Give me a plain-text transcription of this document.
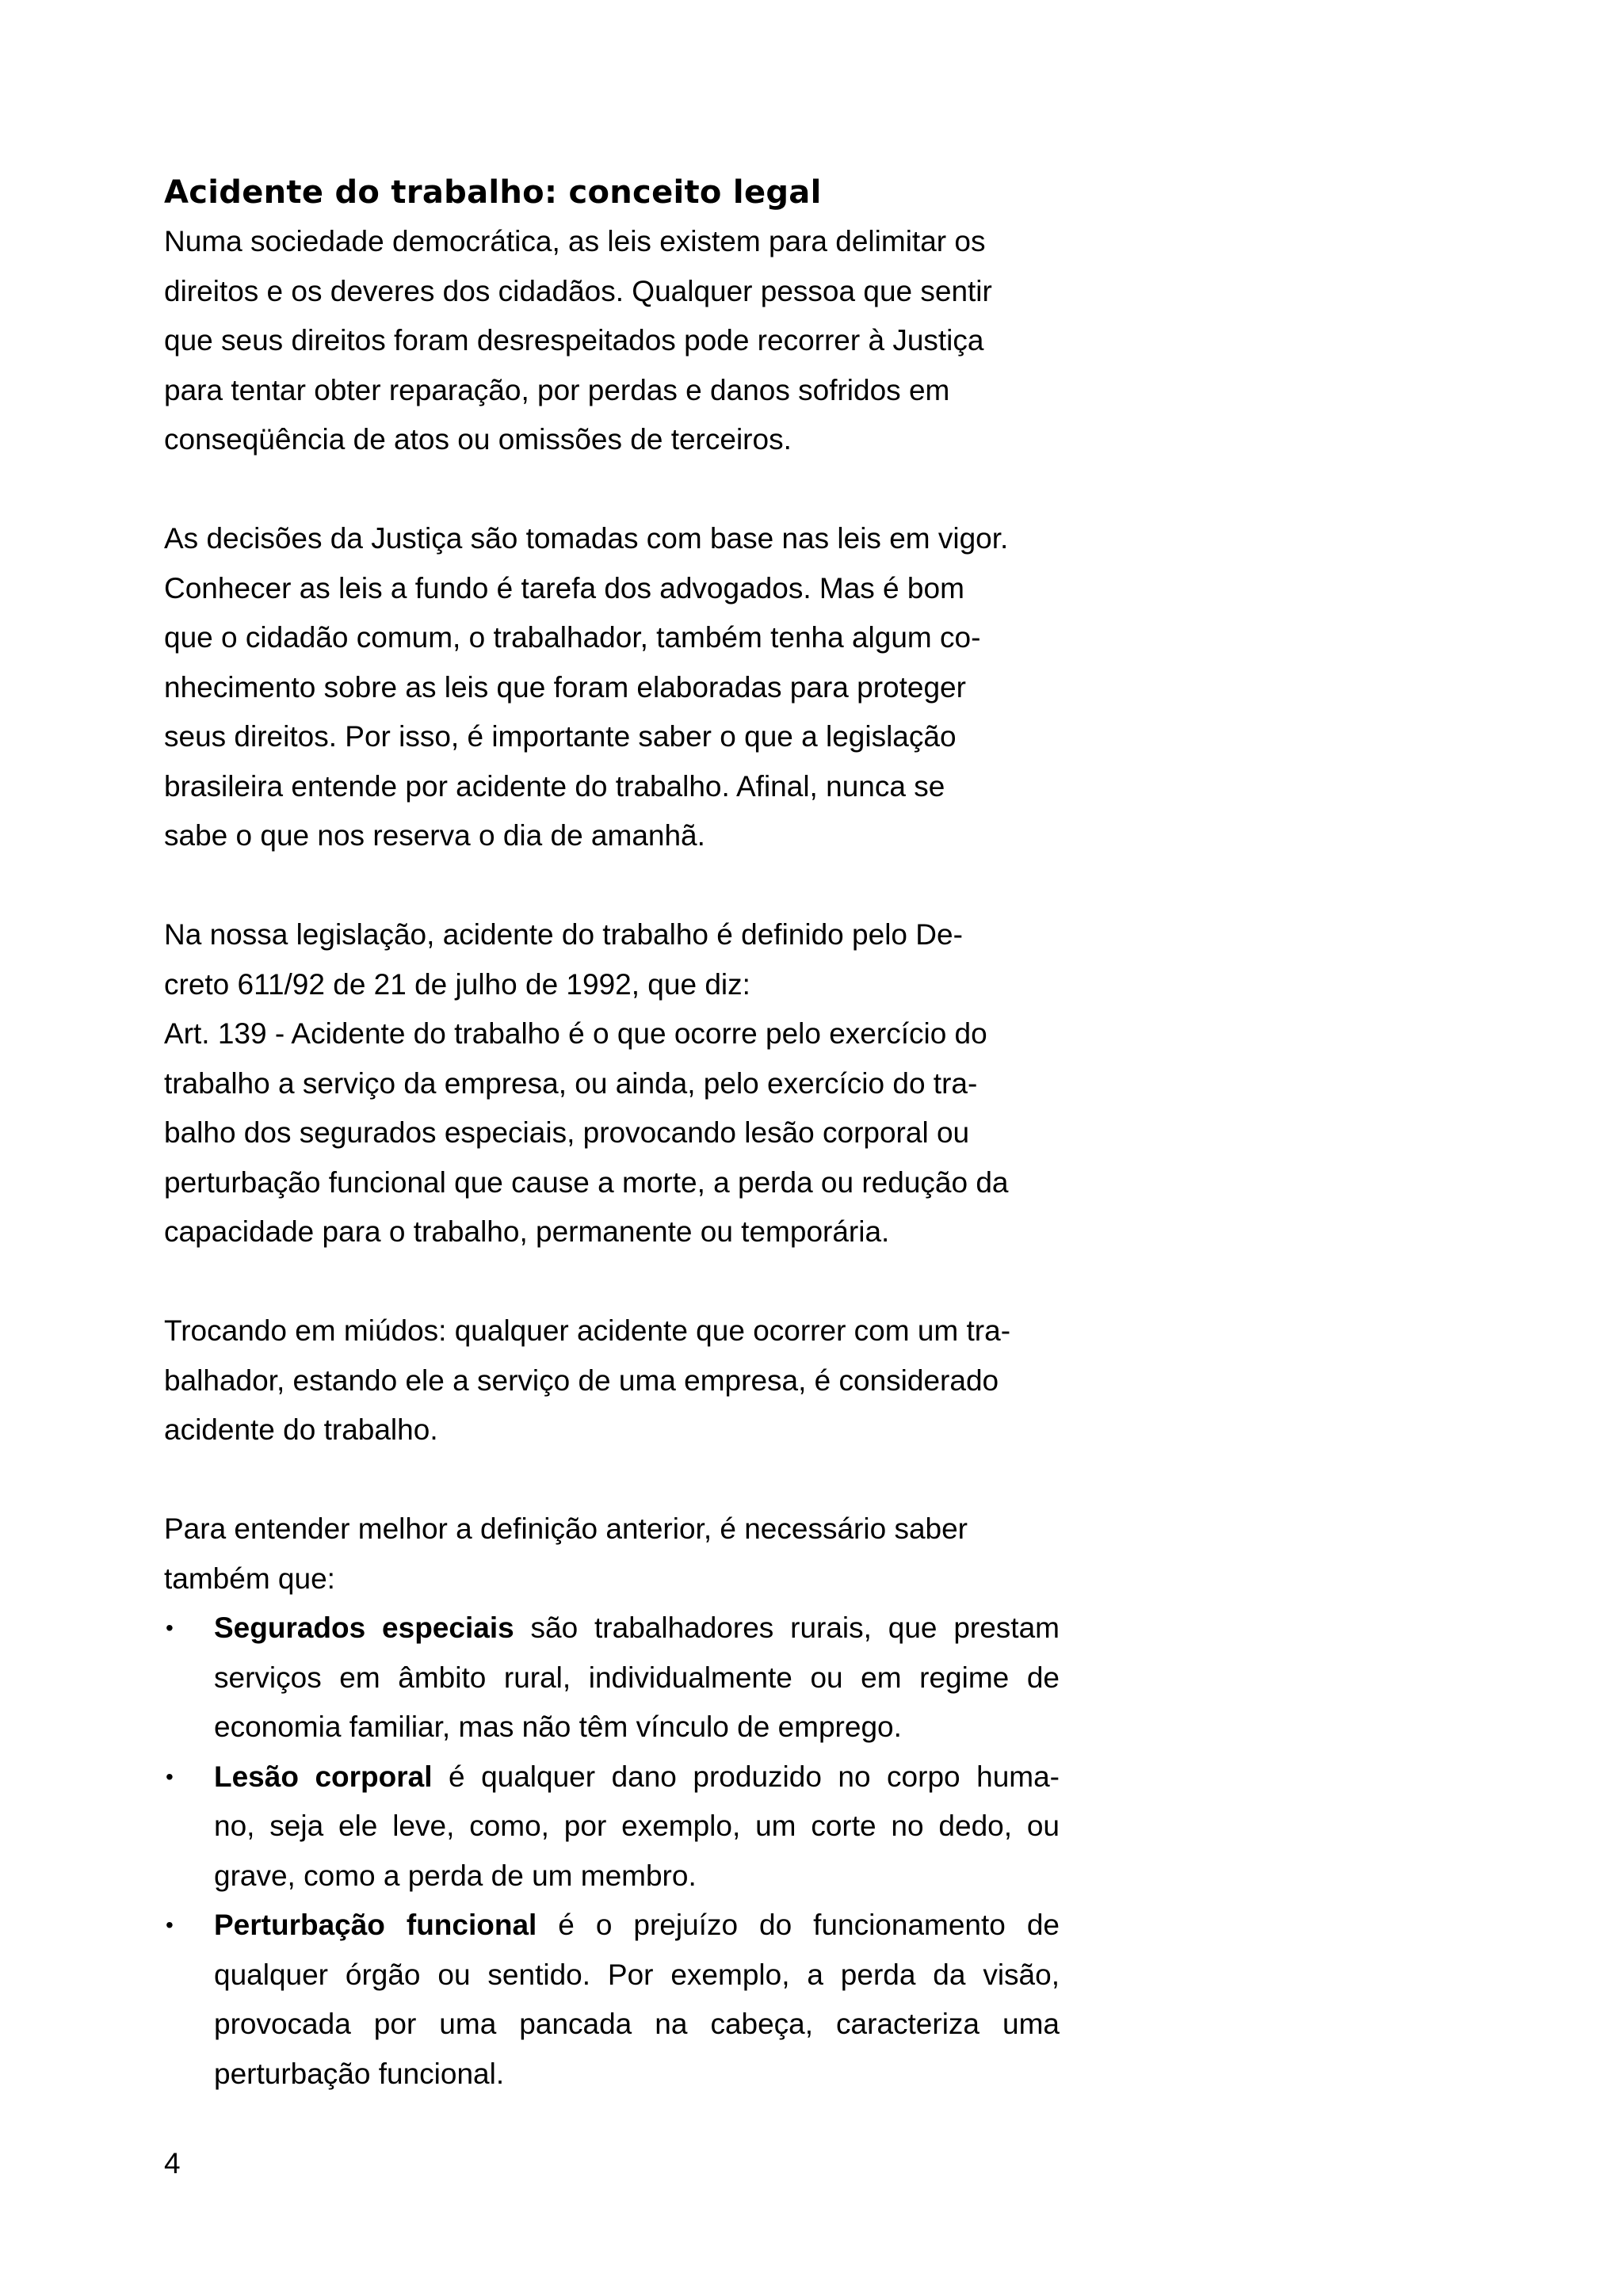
Acidente do trabalho: conceito legal

Numa sociedade democrática, as leis existem para delimitar os
direitos e os deveres dos cidadãos. Qualquer pessoa que sentir
que seus direitos foram desrespeitados pode recorrer à Justiça
para tentar obter reparação, por perdas e danos sofridos em
conseqüência de atos ou omissões de terceiros.

As decisões da Justiça são tomadas com base nas leis em vigor.
Conhecer as leis a fundo é tarefa dos advogados. Mas é bom
que o cidadão comum, o trabalhador, também tenha algum co-
nhecimento sobre as leis que foram elaboradas para proteger
seus direitos. Por isso, é importante saber o que a legislação
brasileira entende por acidente do trabalho. Afinal, nunca se
sabe o que nos reserva o dia de amanhã.

Na nossa legislação, acidente do trabalho é definido pelo De-
creto 611/92 de 21 de julho de 1992, que diz:
Art. 139 - Acidente do trabalho é o que ocorre pelo exercício do
trabalho a serviço da empresa, ou ainda, pelo exercício do tra-
balho dos segurados especiais, provocando lesão corporal ou
perturbação funcional que cause a morte, a perda ou redução da
capacidade para o trabalho, permanente ou temporária.

Trocando em miúdos: qualquer acidente que ocorrer com um tra-
balhador, estando ele a serviço de uma empresa, é considerado
acidente do trabalho.

Para entender melhor a definição anterior, é necessário saber
também que:

• Segurados especiais são trabalhadores rurais, que prestam
serviços em âmbito rural, individualmente ou em regime de
economia familiar, mas não têm vínculo de emprego.
• Lesão corporal é qualquer dano produzido no corpo huma-
no, seja ele leve, como, por exemplo, um corte no dedo, ou
grave, como a perda de um membro.
• Perturbação funcional é o prejuízo do funcionamento de
qualquer órgão ou sentido. Por exemplo, a perda da visão,
provocada por uma pancada na cabeça, caracteriza uma
perturbação funcional.
4
